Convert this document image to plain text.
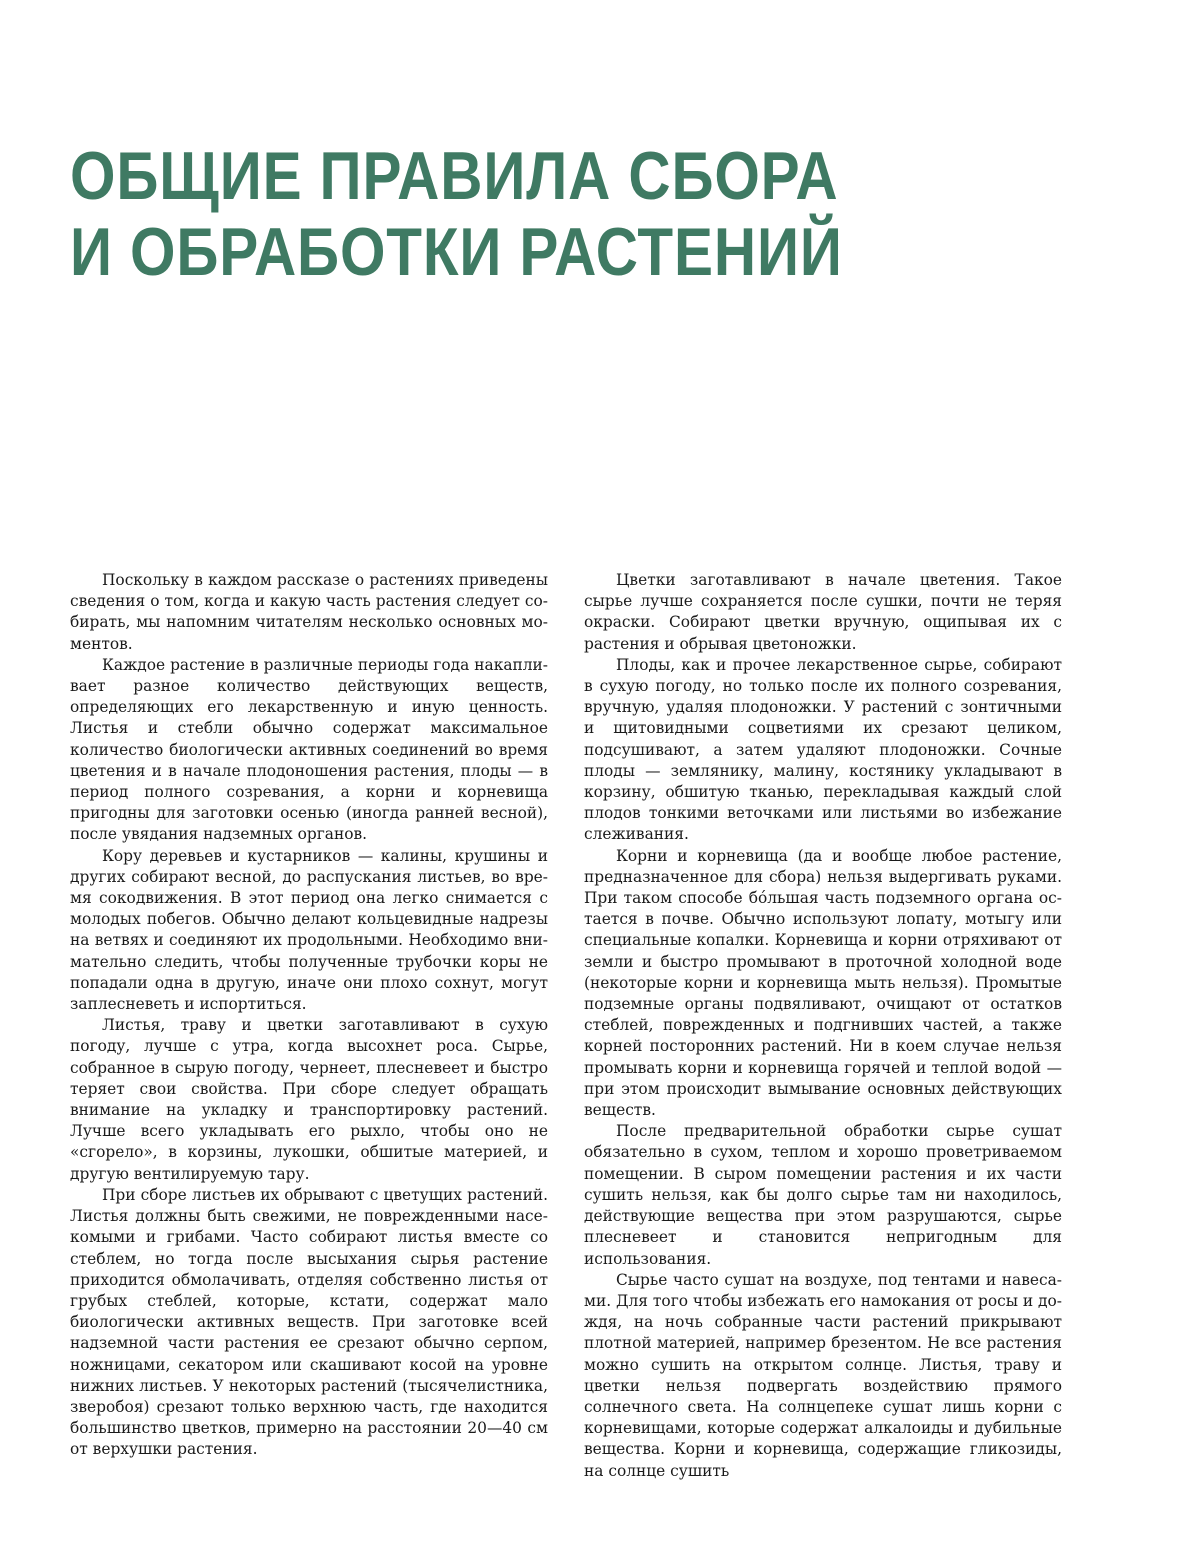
ОБЩИЕ ПРАВИЛА СБОРА
И ОБРАБОТКИ РАСТЕНИЙ

Поскольку в каждом рассказе о растениях приведены сведения о том, когда и какую часть растения следует собирать, мы напомним читателям несколько основных моментов.

Каждое растение в различные периоды года накапливает разное количество действующих веществ, определяющих его лекарственную и иную ценность. Листья и стебли обычно содержат максимальное количество биологически активных соединений во время цветения и в начале плодоношения растения, плоды — в период полного созревания, а корни и корневища пригодны для заготовки осенью (иногда ранней весной), после увядания надземных органов.

Кору деревьев и кустарников — калины, крушины и других собирают весной, до распускания листьев, во время сокодвижения. В этот период она легко снимается с молодых побегов. Обычно делают кольцевидные надрезы на ветвях и соединяют их продольными. Необходимо внимательно следить, чтобы полученные трубочки коры не попадали одна в другую, иначе они плохо сохнут, могут заплесневеть и испортиться.

Листья, траву и цветки заготавливают в сухую погоду, лучше с утра, когда высохнет роса. Сырье, собранное в сырую погоду, чернеет, плесневеет и быстро теряет свои свойства. При сборе следует обращать внимание на укладку и транспортировку растений. Лучше всего укладывать его рыхло, чтобы оно не «сгорело», в корзины, лукошки, обшитые материей, и другую вентилируемую тару.

При сборе листьев их обрывают с цветущих растений. Листья должны быть свежими, не поврежденными насекомыми и грибами. Часто собирают листья вместе со стеблем, но тогда после высыхания сырья растение приходится обмолачивать, отделяя собственно листья от грубых стеблей, которые, кстати, содержат мало биологически активных веществ. При заготовке всей надземной части растения ее срезают обычно серпом, ножницами, секатором или скашивают косой на уровне нижних листьев. У некоторых растений (тысячелистника, зверобоя) срезают только верхнюю часть, где находится большинство цветков, примерно на расстоянии 20—40 см от верхушки растения.

Цветки заготавливают в начале цветения. Такое сырье лучше сохраняется после сушки, почти не теряя окраски. Собирают цветки вручную, ощипывая их с растения и обрывая цветоножки.

Плоды, как и прочее лекарственное сырье, собирают в сухую погоду, но только после их полного созревания, вручную, удаляя плодоножки. У растений с зонтичными и щитовидными соцветиями их срезают целиком, подсушивают, а затем удаляют плодоножки. Сочные плоды — землянику, малину, костянику укладывают в корзину, обшитую тканью, перекладывая каждый слой плодов тонкими веточками или листьями во избежание слеживания.

Корни и корневища (да и вообще любое растение, предназначенное для сбора) нельзя выдергивать руками. При таком способе бо́льшая часть подземного органа остается в почве. Обычно используют лопату, мотыгу или специальные копалки. Корневища и корни отряхивают от земли и быстро промывают в проточной холодной воде (некоторые корни и корневища мыть нельзя). Промытые подземные органы подвяливают, очищают от остатков стеблей, поврежденных и подгнивших частей, а также корней посторонних растений. Ни в коем случае нельзя промывать корни и корневища горячей и теплой водой — при этом происходит вымывание основных действующих веществ.

После предварительной обработки сырье сушат обязательно в сухом, теплом и хорошо проветриваемом помещении. В сыром помещении растения и их части сушить нельзя, как бы долго сырье там ни находилось, действующие вещества при этом разрушаются, сырье плесневеет и становится непригодным для использования.

Сырье часто сушат на воздухе, под тентами и навесами. Для того чтобы избежать его намокания от росы и дождя, на ночь собранные части растений прикрывают плотной материей, например брезентом. Не все растения можно сушить на открытом солнце. Листья, траву и цветки нельзя подвергать воздействию прямого солнечного света. На солнцепеке сушат лишь корни с корневищами, которые содержат алкалоиды и дубильные вещества. Корни и корневища, содержащие гликозиды, на солнце сушить
